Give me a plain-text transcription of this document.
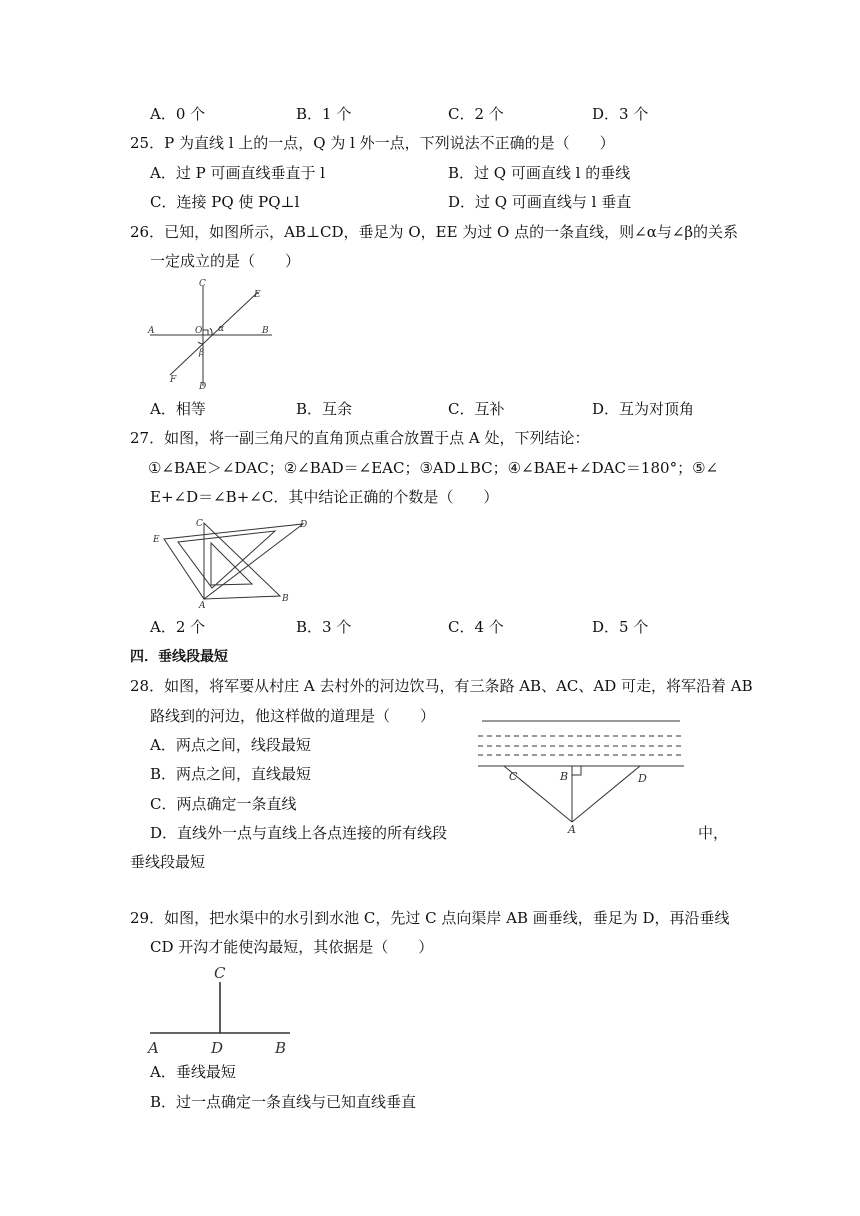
A．0 个	B．1 个	C．2 个	D．3 个
25．P 为直线 l 上的一点，Q 为 l 外一点，下列说法不正确的是（　　）
A．过 P 可画直线垂直于 l	B．过 Q 可画直线 l 的垂线
C．连接 PQ 使 PQ⊥l	D．过 Q 可画直线与 l 垂直
26．已知，如图所示，AB⊥CD，垂足为 O，EE 为过 O 点的一条直线，则∠α与∠β的关系
一定成立的是（　　）
C
E
A	O α	B
β
F
D
A．相等	B．互余	C．互补	D．互为对顶角
27．如图，将一副三角尺的直角顶点重合放置于点 A 处，下列结论：
①∠BAE＞∠DAC；②∠BAD＝∠EAC；③AD⊥BC；④∠BAE+∠DAC＝180°；⑤∠
E+∠D＝∠B+∠C．其中结论正确的个数是（　　）
C	D
E
A
B
A．2 个	B．3 个	C．4 个	D．5 个
四．垂线段最短
28．如图，将军要从村庄 A 去村外的河边饮马，有三条路 AB、AC、AD 可走，将军沿着 AB
路线到的河边，他这样做的道理是（　　）
A．两点之间，线段最短
B．两点之间，直线最短
C．两点确定一条直线
D．直线外一点与直线上各点连接的所有线段	中，
垂线段最短
C	B	D
A
29．如图，把水渠中的水引到水池 C，先过 C 点向渠岸 AB 画垂线，垂足为 D，再沿垂线
CD 开沟才能使沟最短，其依据是（　　）
C
A	D	B
A．垂线最短
B．过一点确定一条直线与已知直线垂直
